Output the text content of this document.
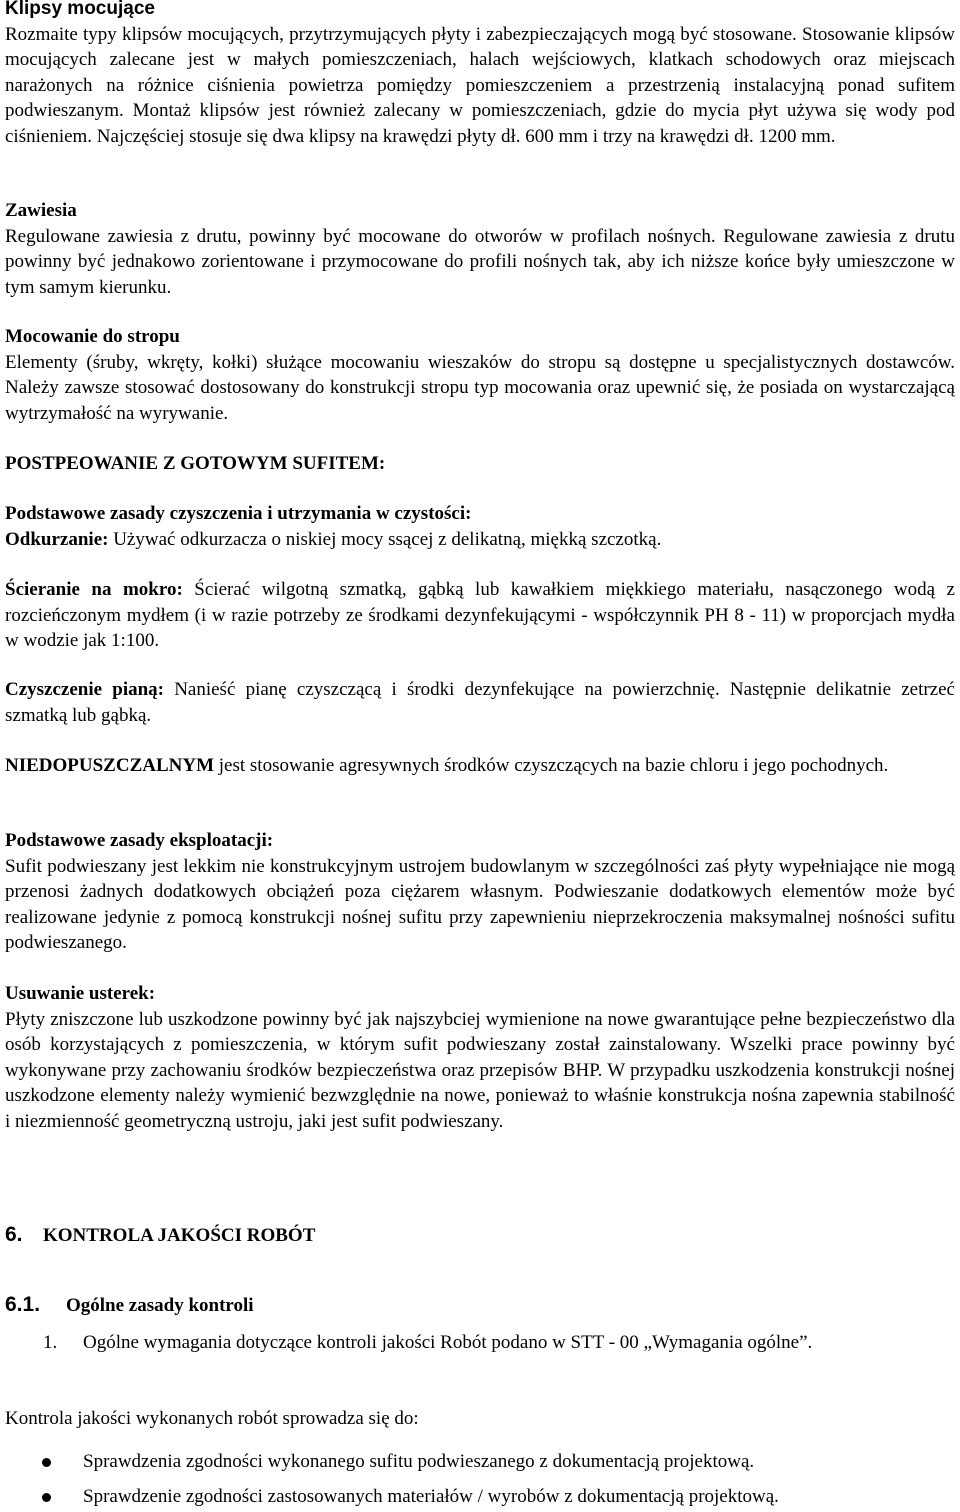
Klipsy mocujące

Rozmaite typy klipsów mocujących, przytrzymujących płyty i zabezpieczających mogą być stosowane. Stosowanie klipsów mocujących zalecane jest w małych pomieszczeniach, halach wejściowych, klatkach schodowych oraz miejscach narażonych na różnice ciśnienia powietrza pomiędzy pomieszczeniem a przestrzenią instalacyjną ponad sufitem podwieszanym. Montaż klipsów jest również zalecany w pomieszczeniach, gdzie do mycia płyt używa się wody pod ciśnieniem. Najczęściej stosuje się dwa klipsy na krawędzi płyty dł. 600 mm i trzy na krawędzi dł. 1200 mm.

Zawiesia

Regulowane zawiesia z drutu, powinny być mocowane do otworów w profilach nośnych. Regulowane zawiesia z drutu powinny być jednakowo zorientowane i przymocowane do profili nośnych tak, aby ich niższe końce były umieszczone w tym samym kierunku.

Mocowanie do stropu

Elementy (śruby, wkręty, kołki) służące mocowaniu wieszaków do stropu są dostępne u specjalistycznych dostawców. Należy zawsze stosować dostosowany do konstrukcji stropu typ mocowania oraz upewnić się, że posiada on wystarczającą wytrzymałość na wyrywanie.

POSTPEOWANIE Z GOTOWYM SUFITEM:

Podstawowe zasady czyszczenia i utrzymania w czystości:

Odkurzanie: Używać odkurzacza o niskiej mocy ssącej z delikatną, miękką szczotką.

Ścieranie na mokro: Ścierać wilgotną szmatką, gąbką lub kawałkiem miękkiego materiału, nasączonego wodą z rozcieńczonym mydłem (i w razie potrzeby ze środkami dezynfekującymi - współczynnik PH 8 - 11) w proporcjach mydła w wodzie jak 1:100.

Czyszczenie pianą: Nanieść pianę czyszczącą i środki dezynfekujące na powierzchnię. Następnie delikatnie zetrzeć szmatką lub gąbką.

NIEDOPUSZCZALNYM jest stosowanie agresywnych środków czyszczących na bazie chloru i jego pochodnych.

Podstawowe zasady eksploatacji:

Sufit podwieszany jest lekkim nie konstrukcyjnym ustrojem budowlanym w szczególności zaś płyty wypełniające nie mogą przenosi żadnych dodatkowych obciążeń poza ciężarem własnym. Podwieszanie dodatkowych elementów może być realizowane jedynie z pomocą konstrukcji nośnej sufitu przy zapewnieniu nieprzekroczenia maksymalnej nośności sufitu podwieszanego.

Usuwanie usterek:

Płyty zniszczone lub uszkodzone powinny być jak najszybciej wymienione na nowe gwarantujące pełne bezpieczeństwo dla osób korzystających z pomieszczenia, w którym sufit podwieszany został zainstalowany. Wszelki prace powinny być wykonywane przy zachowaniu środków bezpieczeństwa oraz przepisów BHP. W przypadku uszkodzenia konstrukcji nośnej uszkodzone elementy należy wymienić bezwzględnie na nowe, ponieważ to właśnie konstrukcja nośna zapewnia stabilność i niezmienność geometryczną ustroju, jaki jest sufit podwieszany.

6. KONTROLA JAKOŚCI ROBÓT
6.1. Ogólne zasady kontroli
1. Ogólne wymagania dotyczące kontroli jakości Robót podano w STT - 00 „Wymagania ogólne”.

Kontrola jakości wykonanych robót sprowadza się do:

Sprawdzenia zgodności wykonanego sufitu podwieszanego z dokumentacją projektową.
Sprawdzenie zgodności zastosowanych materiałów / wyrobów z dokumentacją projektową.
